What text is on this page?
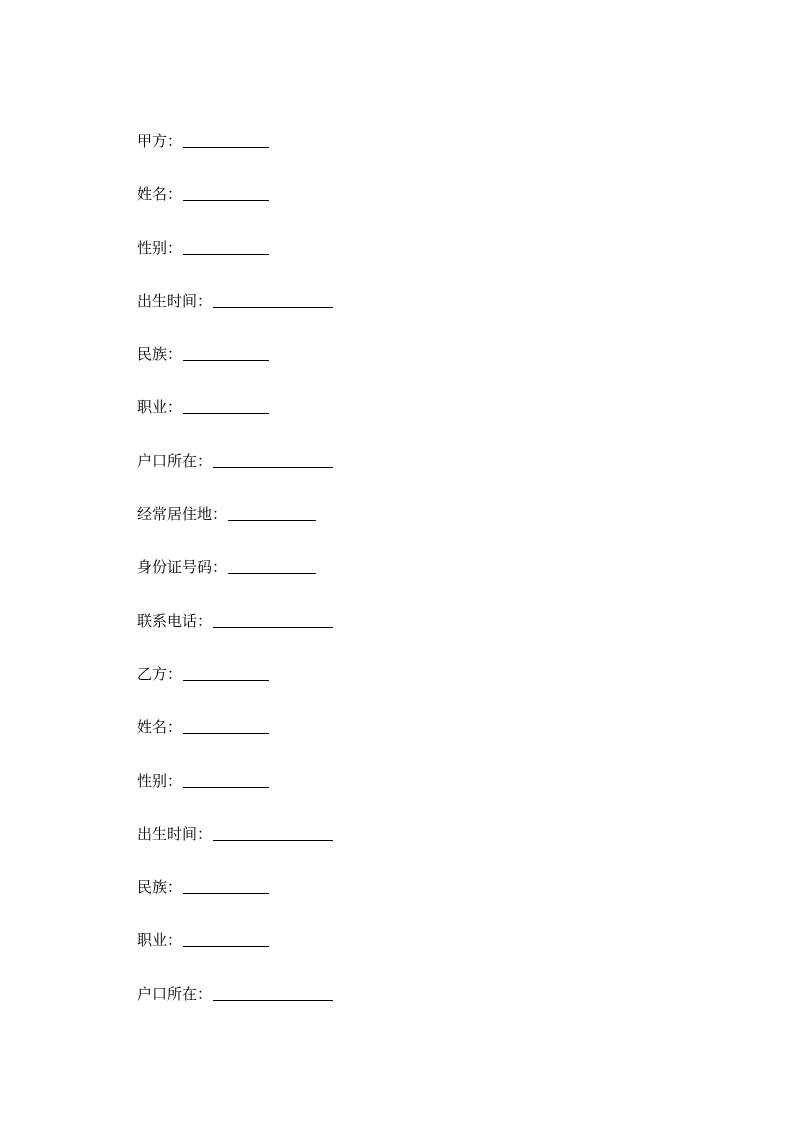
甲方：
姓名：
性别：
出生时间：
民族：
职业：
户口所在：
经常居住地：
身份证号码：
联系电话：
乙方：
姓名：
性别：
出生时间：
民族：
职业：
户口所在：
